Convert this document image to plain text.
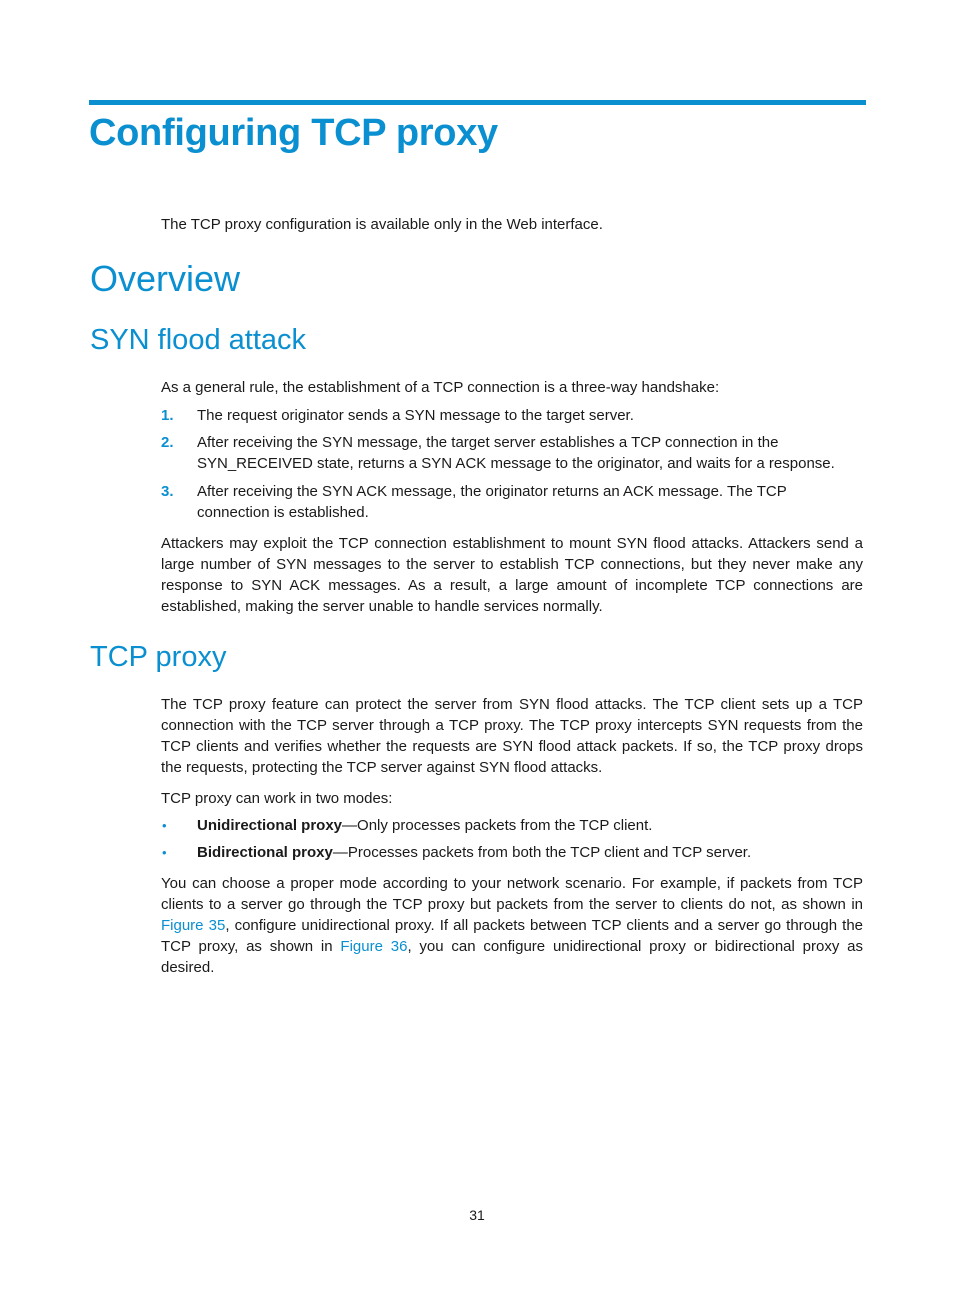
Configuring TCP proxy

The TCP proxy configuration is available only in the Web interface.

Overview
SYN flood attack

As a general rule, the establishment of a TCP connection is a three-way handshake:

1. The request originator sends a SYN message to the target server.
2. After receiving the SYN message, the target server establishes a TCP connection in the SYN_RECEIVED state, returns a SYN ACK message to the originator, and waits for a response.
3. After receiving the SYN ACK message, the originator returns an ACK message. The TCP connection is established.

Attackers may exploit the TCP connection establishment to mount SYN flood attacks. Attackers send a large number of SYN messages to the server to establish TCP connections, but they never make any response to SYN ACK messages. As a result, a large amount of incomplete TCP connections are established, making the server unable to handle services normally.

TCP proxy

The TCP proxy feature can protect the server from SYN flood attacks. The TCP client sets up a TCP connection with the TCP server through a TCP proxy. The TCP proxy intercepts SYN requests from the TCP clients and verifies whether the requests are SYN flood attack packets. If so, the TCP proxy drops the requests, protecting the TCP server against SYN flood attacks.

TCP proxy can work in two modes:

• Unidirectional proxy—Only processes packets from the TCP client.
• Bidirectional proxy—Processes packets from both the TCP client and TCP server.

You can choose a proper mode according to your network scenario. For example, if packets from TCP clients to a server go through the TCP proxy but packets from the server to clients do not, as shown in Figure 35, configure unidirectional proxy. If all packets between TCP clients and a server go through the TCP proxy, as shown in Figure 36, you can configure unidirectional proxy or bidirectional proxy as desired.

31
